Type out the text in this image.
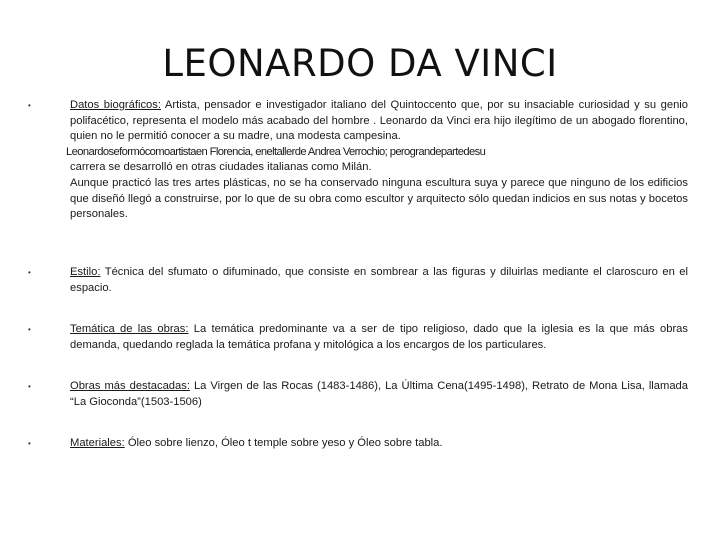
LEONARDO DA VINCI
•	Datos biográficos: Artista, pensador e investigador italiano del Quintoccento que, por su insaciable curiosidad y su genio polifacético, representa el modelo más acabado del hombre . Leonardo da Vinci era hijo ilegítimo de un abogado florentino, quien no le permitió conocer a su madre, una modesta campesina.
Leonardoseformócomoartistaen Florencia, eneltallerde Andrea Verrochio; perograndepartedesu
carrera se desarrolló en otras ciudades italianas como Milán.
Aunque practicó las tres artes plásticas, no se ha conservado ninguna escultura suya y parece que ninguno de los edificios que diseñó llegó a construirse, por lo que de su obra como escultor y arquitecto sólo quedan indicios en sus notas y bocetos personales.
•	Estilo: Técnica del sfumato o difuminado, que consiste en sombrear a las figuras y diluirlas mediante el claroscuro en el espacio.
•	Temática de las obras: La temática predominante va a ser de tipo religioso, dado que la iglesia es la que más obras demanda, quedando reglada la temática profana y mitológica a los encargos de los particulares.
•	Obras más destacadas: La Virgen de las Rocas (1483-1486), La Última Cena(1495-1498), Retrato de Mona Lisa, llamada “La Gioconda”(1503-1506)
•	Materiales: Óleo sobre lienzo, Óleo t temple sobre yeso y Óleo sobre tabla.
